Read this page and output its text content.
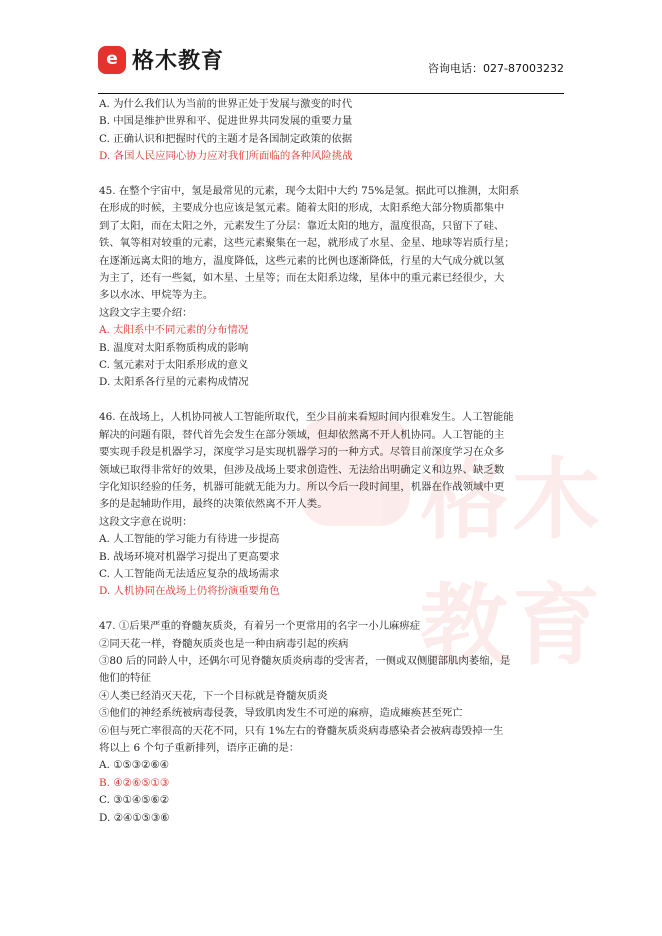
格木教育
e 格木教育	咨询电话：027-87003232
A. 为什么我们认为当前的世界正处于发展与激变的时代
B. 中国是维护世界和平、促进世界共同发展的重要力量
C. 正确认识和把握时代的主题才是各国制定政策的依据
D. 各国人民应同心协力应对我们所面临的各种风险挑战
45. 在整个宇宙中，氢是最常见的元素，现今太阳中大约 75%是氢。据此可以推测，太阳系
在形成的时候，主要成分也应该是氢元素。随着太阳的形成，太阳系绝大部分物质都集中
到了太阳，而在太阳之外，元素发生了分层：靠近太阳的地方，温度很高，只留下了硅、
铁、氧等相对较重的元素，这些元素聚集在一起，就形成了水星、金星、地球等岩质行星；
在逐渐远离太阳的地方，温度降低，这些元素的比例也逐渐降低，行星的大气成分就以氢
为主了，还有一些氦，如木星、土星等；而在太阳系边缘，星体中的重元素已经很少，大
多以水冰、甲烷等为主。
这段文字主要介绍：
A. 太阳系中不同元素的分布情况
B. 温度对太阳系物质构成的影响
C. 氢元素对于太阳系形成的意义
D. 太阳系各行星的元素构成情况
46. 在战场上，人机协同被人工智能所取代，至少目前来看短时间内很难发生。人工智能能
解决的问题有限，替代首先会发生在部分领域，但却依然离不开人机协同。人工智能的主
要实现手段是机器学习，深度学习是实现机器学习的一种方式。尽管目前深度学习在众多
领域已取得非常好的效果，但涉及战场上要求创造性、无法给出明确定义和边界、缺乏数
字化知识经验的任务，机器可能就无能为力。所以今后一段时间里，机器在作战领域中更
多的是起辅助作用，最终的决策依然离不开人类。
这段文字意在说明：
A. 人工智能的学习能力有待进一步提高
B. 战场环境对机器学习提出了更高要求
C. 人工智能尚无法适应复杂的战场需求
D. 人机协同在战场上仍将扮演重要角色
47. ①后果严重的脊髓灰质炎，有着另一个更常用的名字一小儿麻痹症
②同天花一样，脊髓灰质炎也是一种由病毒引起的疾病
③80 后的同龄人中，还偶尔可见脊髓灰质炎病毒的受害者，一侧或双侧腿部肌肉萎缩，是
他们的特征
④人类已经消灭天花，下一个目标就是脊髓灰质炎
⑤他们的神经系统被病毒侵袭，导致肌肉发生不可逆的麻痹，造成瘫痪甚至死亡
⑥但与死亡率很高的天花不同，只有 1%左右的脊髓灰质炎病毒感染者会被病毒毁掉一生
将以上 6 个句子重新排列，语序正确的是：
A. ①⑤③②⑥④
B. ④②⑥⑤①③
C. ③①④⑤⑥②
D. ②④①⑤③⑥
